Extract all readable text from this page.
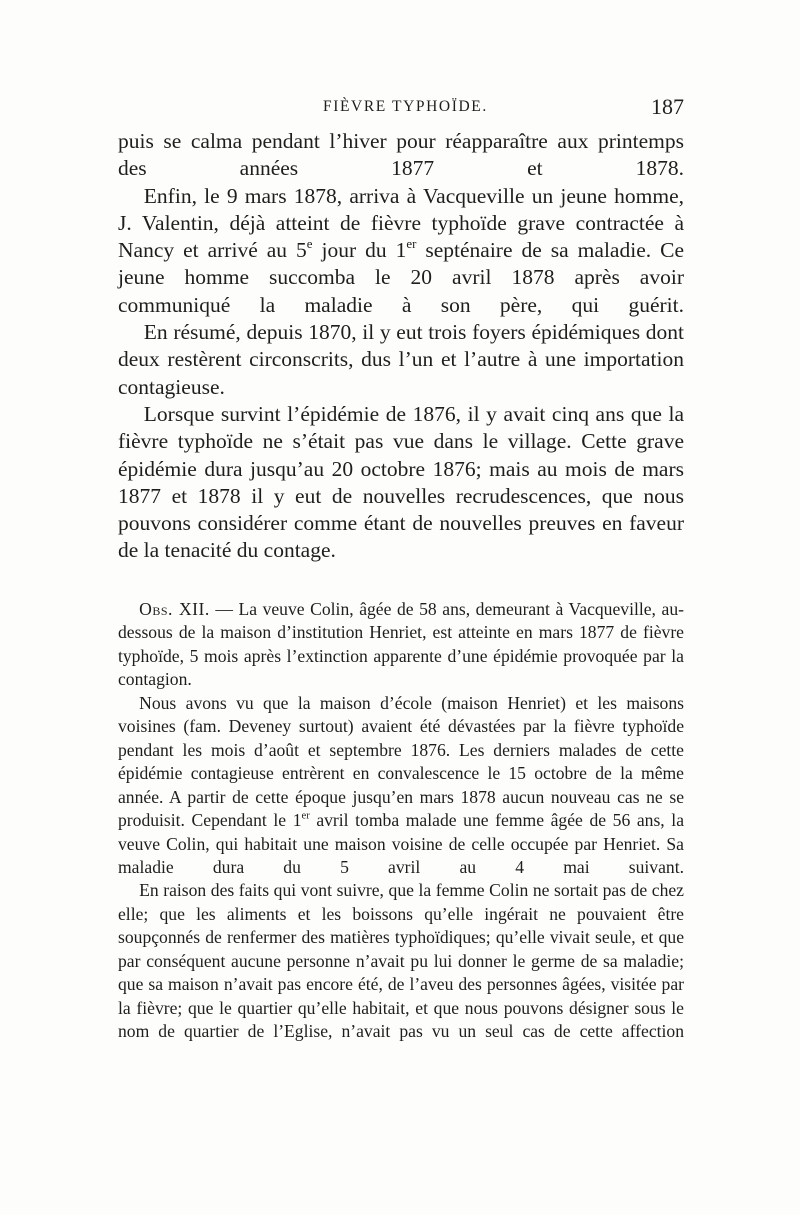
FIÈVRE TYPHOÏDE.	187

puis se calma pendant l’hiver pour réapparaître aux printemps des années 1877 et 1878.

Enfin, le 9 mars 1878, arriva à Vacqueville un jeune homme, J. Valentin, déjà atteint de fièvre typhoïde grave contractée à Nancy et arrivé au 5e jour du 1er septénaire de sa maladie. Ce jeune homme succomba le 20 avril 1878 après avoir communiqué la maladie à son père, qui guérit.

En résumé, depuis 1870, il y eut trois foyers épidémiques dont deux restèrent circonscrits, dus l’un et l’autre à une importation contagieuse.

Lorsque survint l’épidémie de 1876, il y avait cinq ans que la fièvre typhoïde ne s’était pas vue dans le village. Cette grave épidémie dura jusqu’au 20 octobre 1876; mais au mois de mars 1877 et 1878 il y eut de nouvelles recrudescences, que nous pouvons considérer comme étant de nouvelles preuves en faveur de la tenacité du contage.

Obs. XII. — La veuve Colin, âgée de 58 ans, demeurant à Vacqueville, au-dessous de la maison d’institution Henriet, est atteinte en mars 1877 de fièvre typhoïde, 5 mois après l’extinction apparente d’une épidémie provoquée par la contagion.

Nous avons vu que la maison d’école (maison Henriet) et les maisons voisines (fam. Deveney surtout) avaient été dévastées par la fièvre typhoïde pendant les mois d’août et septembre 1876. Les derniers malades de cette épidémie contagieuse entrèrent en convalescence le 15 octobre de la même année. A partir de cette époque jusqu’en mars 1878 aucun nouveau cas ne se produisit. Cependant le 1er avril tomba malade une femme âgée de 56 ans, la veuve Colin, qui habitait une maison voisine de celle occupée par Henriet. Sa maladie dura du 5 avril au 4 mai suivant.

En raison des faits qui vont suivre, que la femme Colin ne sortait pas de chez elle; que les aliments et les boissons qu’elle ingérait ne pouvaient être soupçonnés de renfermer des matières typhoïdiques; qu’elle vivait seule, et que par conséquent aucune personne n’avait pu lui donner le germe de sa maladie; que sa maison n’avait pas encore été, de l’aveu des personnes âgées, visitée par la fièvre; que le quartier qu’elle habitait, et que nous pouvons désigner sous le nom de quartier de l’Eglise, n’avait pas vu un seul cas de cette affection
